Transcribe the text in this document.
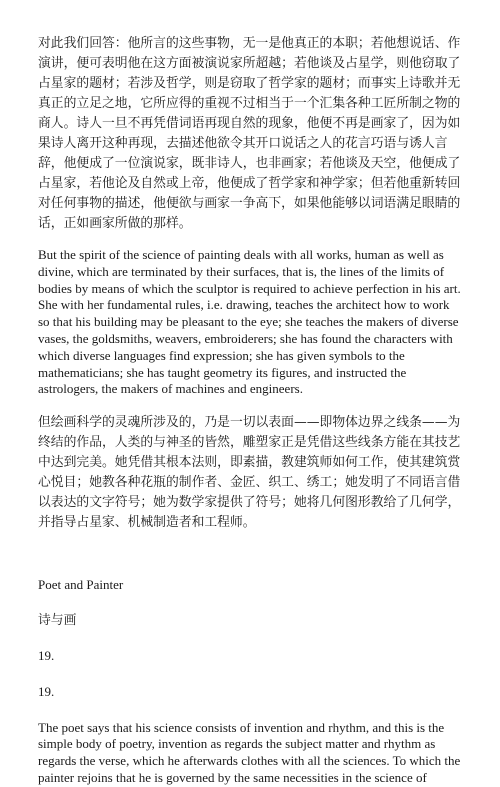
对此我们回答：他所言的这些事物，无一是他真正的本职；若他想说话、作演讲，便可表明他在这方面被演说家所超越；若他谈及占星学，则他窃取了占星家的题材；若涉及哲学，则是窃取了哲学家的题材；而事实上诗歌并无真正的立足之地，它所应得的重视不过相当于一个汇集各种工匠所制之物的商人。诗人一旦不再凭借词语再现自然的现象，他便不再是画家了，因为如果诗人离开这种再现，去描述他欲令其开口说话之人的花言巧语与诱人言辞，他便成了一位演说家，既非诗人，也非画家；若他谈及天空，他便成了占星家，若他论及自然或上帝，他便成了哲学家和神学家；但若他重新转回对任何事物的描述，他便欲与画家一争高下，如果他能够以词语满足眼睛的话，正如画家所做的那样。

But the spirit of the science of painting deals with all works, human as well as divine, which are terminated by their surfaces, that is, the lines of the limits of bodies by means of which the sculptor is required to achieve perfection in his art. She with her fundamental rules, i.e. drawing, teaches the architect how to work so that his building may be pleasant to the eye; she teaches the makers of diverse vases, the goldsmiths, weavers, embroiderers; she has found the characters with which diverse languages find expression; she has given symbols to the mathematicians; she has taught geometry its figures, and instructed the astrologers, the makers of machines and engineers.

但绘画科学的灵魂所涉及的，乃是一切以表面——即物体边界之线条——为终结的作品，人类的与神圣的皆然，雕塑家正是凭借这些线条方能在其技艺中达到完美。她凭借其根本法则，即素描，教建筑师如何工作，使其建筑赏心悦目；她教各种花瓶的制作者、金匠、织工、绣工；她发明了不同语言借以表达的文字符号；她为数学家提供了符号；她将几何图形教给了几何学，并指导占星家、机械制造者和工程师。

Poet and Painter

诗与画

19.

19.

The poet says that his science consists of invention and rhythm, and this is the simple body of poetry, invention as regards the subject matter and rhythm as regards the verse, which he afterwards clothes with all the sciences. To which the painter rejoins that he is governed by the same necessities in the science of
